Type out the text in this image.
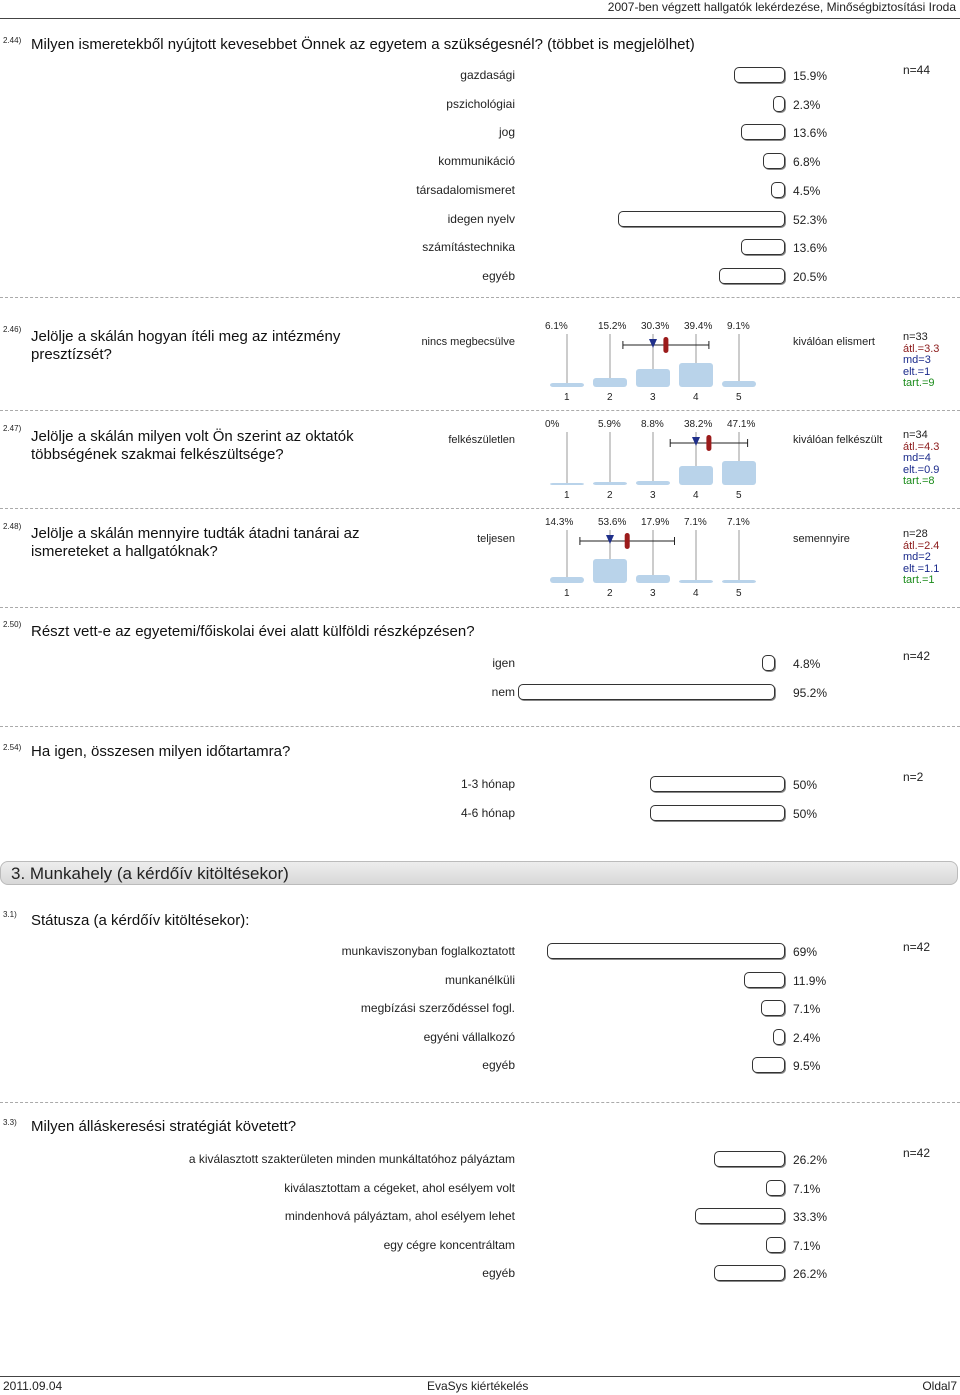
2007-ben végzett hallgatók lekérdezése, Minőségbiztosítási Iroda
2.44) Milyen ismeretekből nyújtott kevesebbet Önnek az egyetem a szükségesnél? (többet is megjelölhet)
n=44
2.46) Jelölje a skálán hogyan ítéli meg az intézmény presztízsét?
nincs megbecsülve	kiválóan elismert	n=33
átl.=3.3
md=3
elt.=1
tart.=9
6.1%	15.2% 30.3% 39.4% 9.1%
1	2	3	4	5
2.47) Jelölje a skálán milyen volt Ön szerint az oktatók többségének szakmai felkészültsége?
felkészületlen	kiválóan felkészült n=34
átl.=4.3
md=4
elt.=0.9
tart.=8
0%	5.9% 8.8% 38.2% 47.1%
1	2	3	4	5
2.48) Jelölje a skálán mennyire tudták átadni tanárai az ismereteket a hallgatóknak?
teljesen	semennyire	n=28
átl.=2.4
md=2
elt.=1.1
tart.=1
14.3% 53.6% 17.9% 7.1% 7.1%
1	2	3	4	5
2.50) Részt vett-e az egyetemi/főiskolai évei alatt külföldi részképzésen?
n=42
2.54) Ha igen, összesen milyen időtartamra?
n=2
3. Munkahely (a kérdőív kitöltésekor)
3.1) Státusza (a kérdőív kitöltésekor):
n=42
3.3) Milyen álláskeresési stratégiát követett?
n=42
2011.09.04	EvaSys kiértékelés	Oldal7
gazdasági	15.9%
pszichológiai	2.3%
jog	13.6%
kommunikáció	6.8%
társadalomismeret	4.5%
idegen nyelv	52.3%
számítástechnika	13.6%
egyéb	20.5%
igen	4.8%
nem	95.2%
1-3 hónap	50%
4-6 hónap	50%
munkaviszonyban foglalkoztatott	69%
munkanélküli	11.9%
megbízási szerződéssel fogl.	7.1%
egyéni vállalkozó	2.4%
egyéb	9.5%
a kiválasztott szakterületen minden munkáltatóhoz pályáztam	26.2%
kiválasztottam a cégeket, ahol esélyem volt	7.1%
mindenhová pályáztam, ahol esélyem lehet	33.3%
egy cégre koncentráltam	7.1%
egyéb	26.2%
